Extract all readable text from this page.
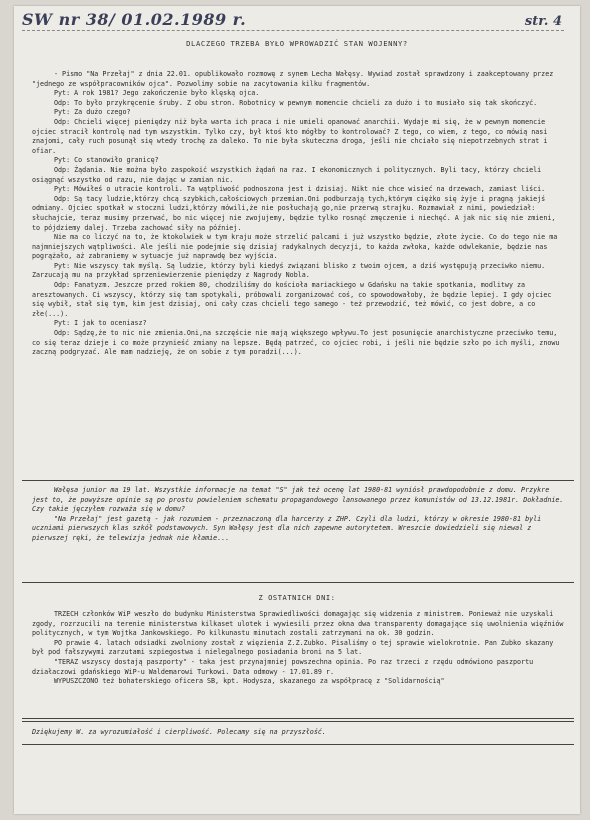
SW nr 38/ 01.02.1989 r.	str. 4
DLACZEGO TRZEBA BYŁO WPROWADZIĆ STAN WOJENNY?

- Pismo "Na Przełaj" z dnia 22.01. opublikowało rozmowę z synem Lecha Wałęsy. Wywiad został sprawdzony i zaakceptowany przez "jednego ze współpracowników ojca". Pozwolimy sobie na zacytowania kilku fragmentów.

Pyt: A rok 1981? Jego zakończenie było klęską ojca.

Odp: To było przykręcenie śruby. Z obu stron. Robotnicy w pewnym momencie chcieli za dużo i to musiało się tak skończyć.

Pyt: Za dużo czego?

Odp: Chcieli więcej pieniędzy niż była warta ich praca i nie umieli opanować anarchii. Wydaje mi się, że w pewnym momencie ojciec stracił kontrolę nad tym wszystkim. Tylko czy, był ktoś kto mógłby to kontrolować? Z tego, co wiem, z tego, co mówią nasi znajomi, cały ruch posunął się wtedy trochę za daleko. To nie była skuteczna droga, jeśli nie chciało się niepotrzebnych strat i ofiar.

Pyt: Co stanowiło granicę?

Odp: Żądania. Nie można było zaspokoić wszystkich żądań na raz. I ekonomicznych i politycznych. Byli tacy, którzy chcieli osiągnąć wszystko od razu, nie dając w zamian nic.

Pyt: Mówiłeś o utracie kontroli. Ta wątpliwość podnoszona jest i dzisiaj. Nikt nie chce wisieć na drzewach, zamiast liści.

Odp: Są tacy ludzie,którzy chcą szybkich,całościowych przemian.Oni podburzają tych,którym ciężko się żyje i pragną jakiejś odmiany. Ojciec spotkał w stoczni ludzi,którzy mówili,że nie posłuchają go,nie przerwą strajku. Rozmawiał z nimi, powiedział: słuchajcie, teraz musimy przerwać, bo nic więcej nie zwojujemy, będzie tylko rosnąć zmęczenie i niechęć. A jak nic się nie zmieni, to pójdziemy dalej. Trzeba zachować siły na później.

Nie ma co liczyć na to, że ktokolwiek w tym kraju może strzelić palcami i już wszystko będzie, złote życie. Co do tego nie ma najmniejszych wątpliwości. Ale jeśli nie podejmie się dzisiaj radykalnych decyzji, to każda zwłoka, każde odwlekanie, będzie nas pogrążało, aż zabraniemy w sytuacje już naprawdę bez wyjścia.

Pyt: Nie wszyscy tak myślą. Są ludzie, którzy byli kiedyś związani blisko z twoim ojcem, a dziś występują przeciwko niemu. Zarzucają mu na przykład sprzeniewierzenie pieniędzy z Nagrody Nobla.

Odp: Fanatyzm. Jeszcze przed rokiem 80, chodziliśmy do kościoła mariackiego w Gdańsku na takie spotkania, modlitwy za aresztowanych. Ci wszyscy, którzy się tam spotykali, próbowali zorganizować coś, co spowodowałoby, że będzie lepiej. I gdy ojciec się wybił, stał się tym, kim jest dzisiaj, oni cały czas chcieli tego samego - też przewodzić, też mówić, co jest dobre, a co złe(...).

Pyt: I jak to oceniasz?

Odp: Sądzę,że to nic nie zmienia.Oni,na szczęście nie mają większego wpływu.To jest posunięcie anarchistyczne przeciwko temu, co się teraz dzieje i co może przynieść zmiany na lepsze. Będą patrzeć, co ojciec robi, i jeśli nie będzie szło po ich myśli, znowu zaczną podgryzać. Ale mam nadzieję, że on sobie z tym poradzi(...).

Wałęsa junior ma 19 lat. Wszystkie informacje na temat "S" jak też ocenę lat 1980-81 wyniósł prawdopodobnie z domu. Przykre jest to, że powyższe opinie są po prostu powieleniem schematu propagandowego lansowanego przez komunistów od 13.12.1981r. Dokładnie. Czy takie jęczyłem rozważa się w domu?

"Na Przełaj" jest gazetą - jak rozumiem - przeznaczoną dla harcerzy z ZHP. Czyli dla ludzi, którzy w okresie 1980-81 byli uczniami pierwszych klas szkół podstawowych. Syn Wałęsy jest dla nich zapewne autorytetem. Wreszcie dowiedzieli się niewal z pierwszej ręki, że telewizja jednak nie kłamie...

Z OSTATNICH DNI:

TRZECH członków WiP weszło do budynku Ministerstwa Sprawiedliwości domagając się widzenia z ministrem. Ponieważ nie uzyskali zgody, rozrzucili na terenie ministerstwa kilkaset ulotek i wywiesili przez okna dwa transparenty domagające się uwolnienia więźniów politycznych, w tym Wojtka Jankowskiego. Po kilkunastu minutach zostali zatrzymani na ok. 30 godzin.

PO prawie 4. latach odsiadki zwolniony został z więzienia Z.Z.Zubko. Pisaliśmy o tej sprawie wielokrotnie. Pan Zubko skazany był pod fałszywymi zarzutami szpiegostwa i nielegalnego posiadania broni na 5 lat.

"TERAZ wszyscy dostają paszporty" - taka jest przynajmniej powszechna opinia. Po raz trzeci z rzędu odmówiono paszportu działaczowi gdańskiego WiP-u Waldemarowi Turkowi. Data odmowy - 17.01.89 r.

WYPUSZCZONO też bohaterskiego oficera SB, kpt. Hodysza, skazanego za współpracę z "Solidarnością"

Dziękujemy W. za wyrozumiałość i cierpliwość. Polecamy się na przyszłość.
